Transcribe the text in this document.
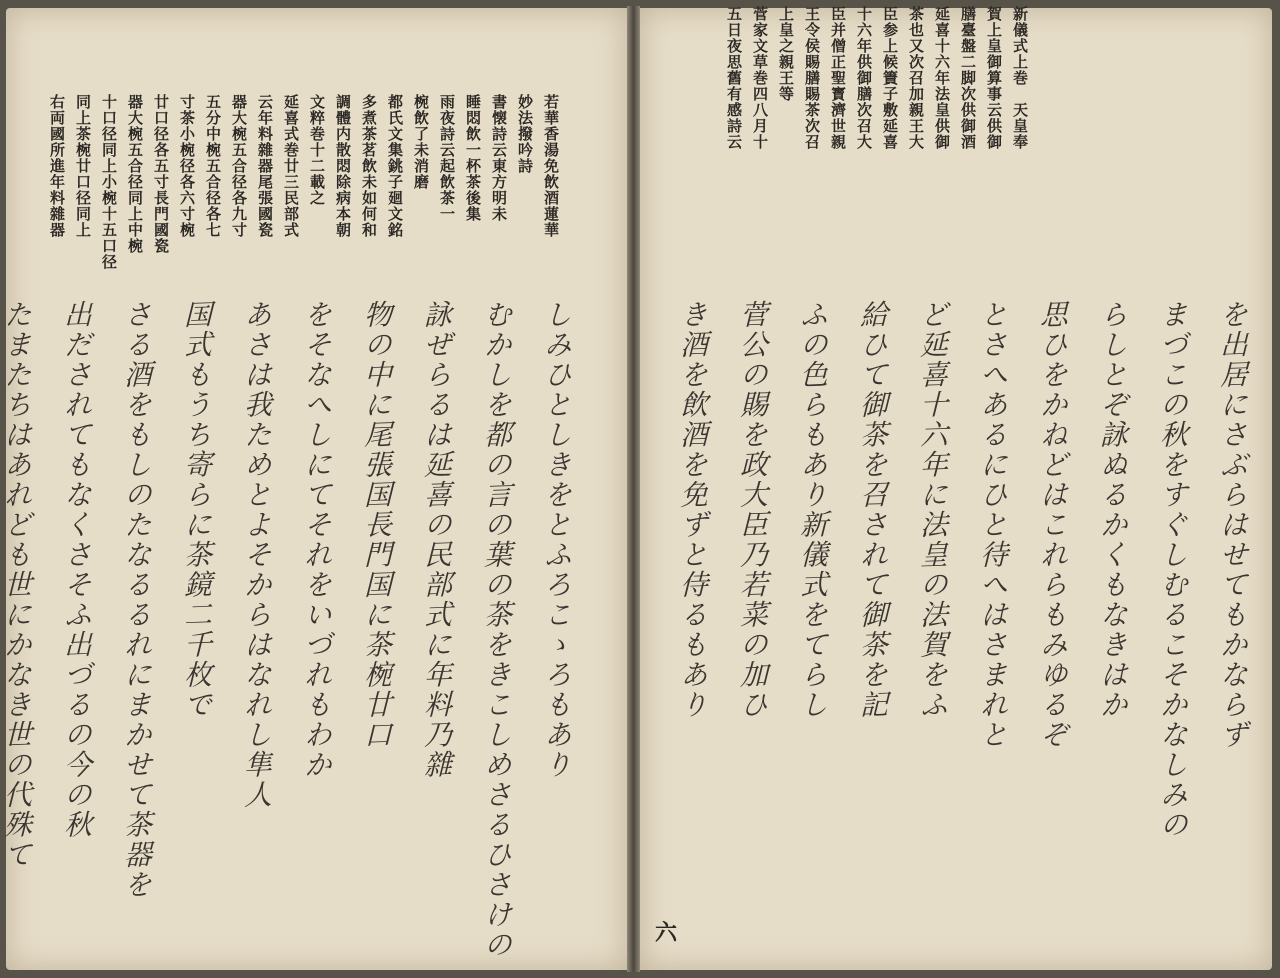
新儀式上巻　天皇奉
賀上皇御算事云供御
膳臺盤二脚次供御酒
延喜十六年法皇供御
茶也又次召加親王大
臣参上候簀子敷延喜
十六年供御膳次召大
臣并僧正聖寳濟世親
王令侯賜膳賜茶次召
上皇之親王等
菅家文草巻四八月十
五日夜思舊有感詩云
を出居にさぶらはせてもかならず
まづこの秋をすぐしむるこそかなしみの
らしとぞ詠ぬるかくもなきはか
思ひをかねどはこれらもみゆるぞ
とさへあるにひと待へはさまれと
ど延喜十六年に法皇の法賀をふ
給ひて御茶を召されて御茶を記
ふの色らもあり新儀式をてらし
菅公の賜を政大臣乃若菜の加ひ
き酒を飲酒を免ずと侍るもあり
六
若華香湯免飲酒蓮華
妙法撥吟詩
書懐詩云東方明未
睡悶飲一杯茶後集
雨夜詩云起飲茶一
椀飲了未消磨
都氏文集銚子廻文銘
多煮茶茗飲未如何和
調體内散悶除病本朝
文粹巻十二載之
延喜式巻廿三民部式
云年料雜器尾張國瓷
器大椀五合径各九寸
五分中椀五合径各七
寸茶小椀径各六寸椀
廿口径各五寸長門國瓷
器大椀五合径同上中椀
十口径同上小椀十五口径
同上茶椀廿口径同上
右両國所進年料雜器
しみひとしきをとふろこゝろもあり
むかしを都の言の葉の茶をきこしめさるひさけの
詠ぜらるは延喜の民部式に年料乃雜
物の中に尾張国長門国に茶椀廿口
をそなへしにてそれをいづれもわか
あさは我ためとよそからはなれし隼人
国式もうち寄らに茶鏡二千枚で
さる酒をもしのたなるるれにまかせて茶器を
出だされてもなくさそふ出づるの今の秋
たまたちはあれども世にかなき世の代殊て
